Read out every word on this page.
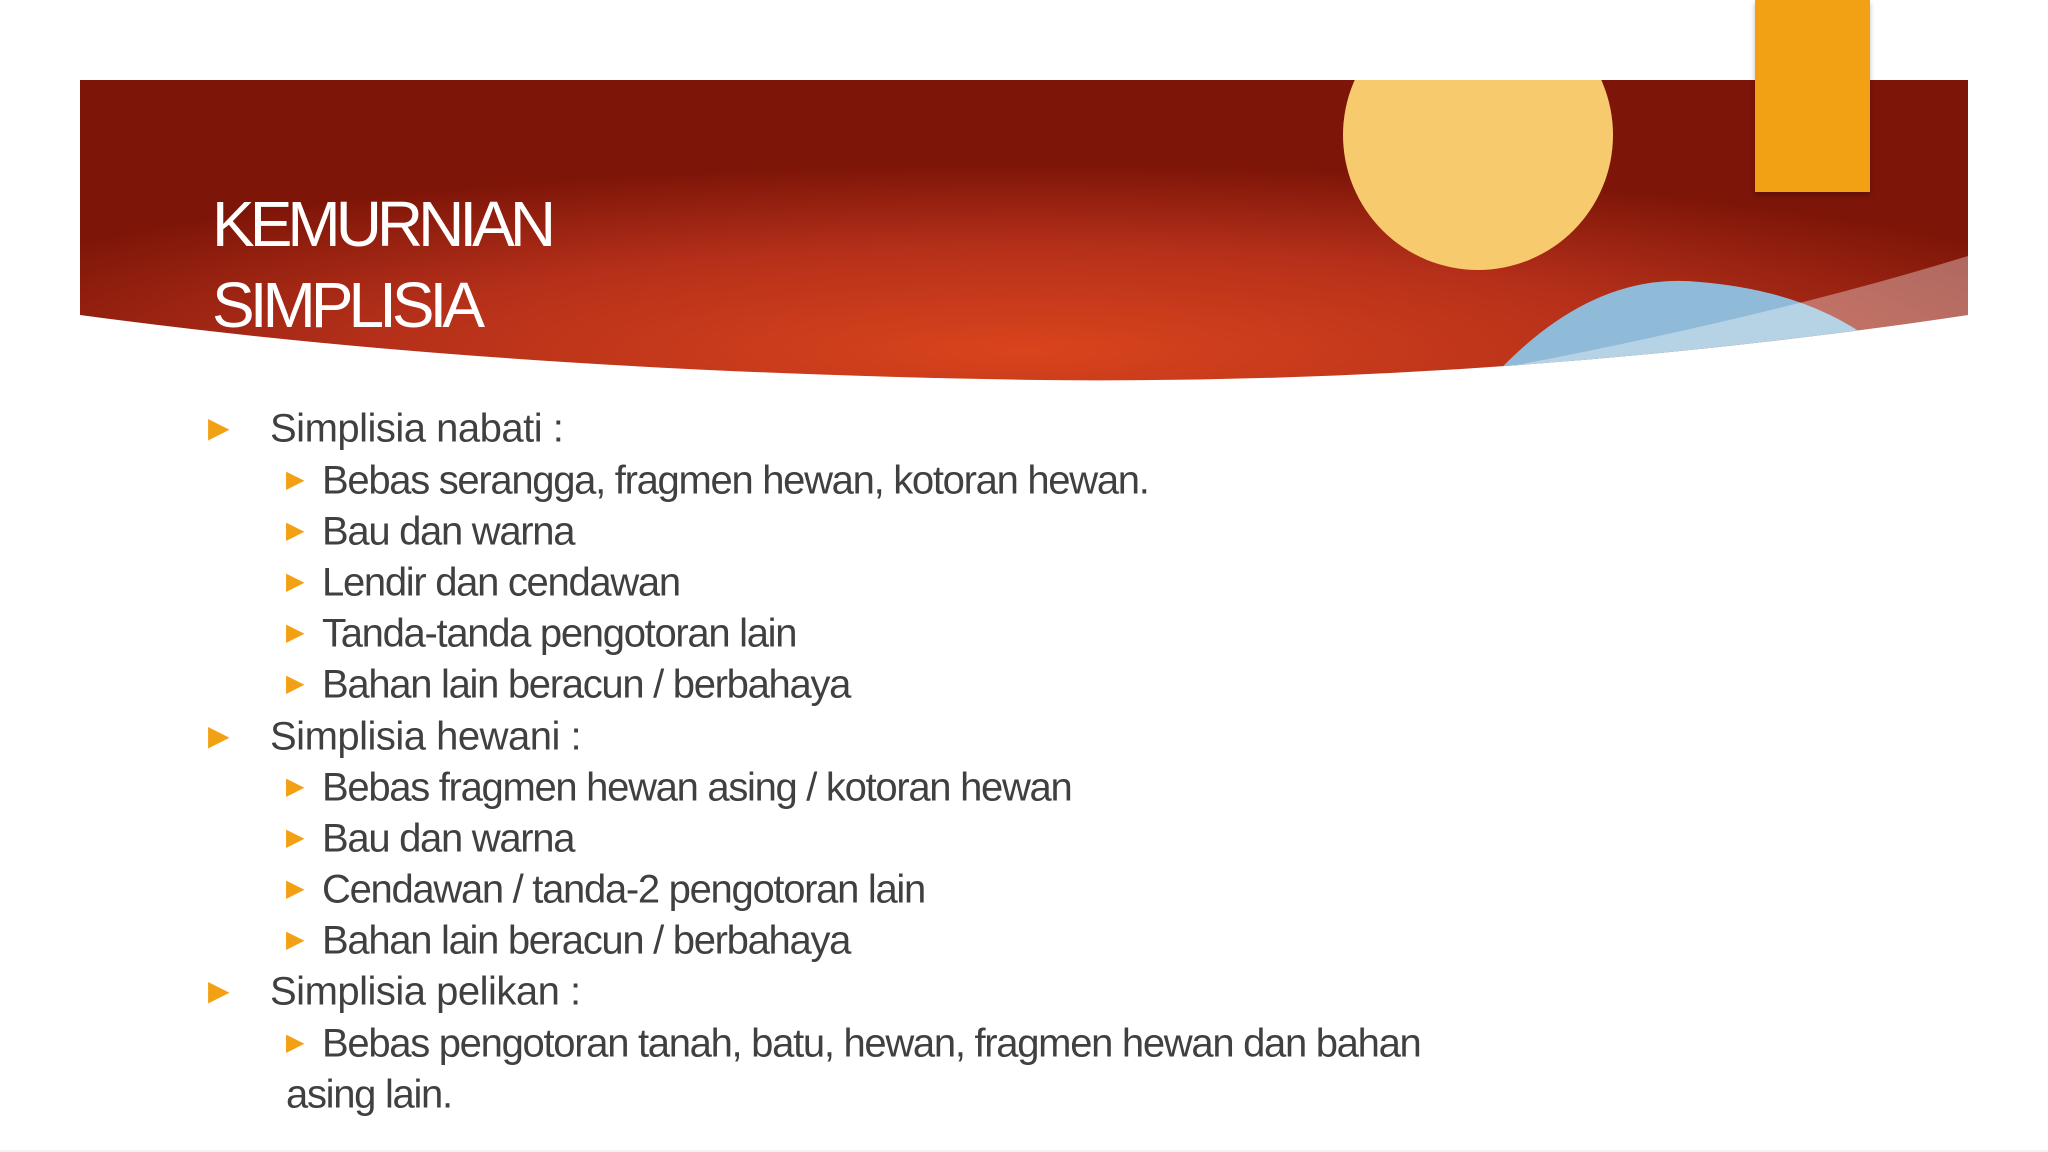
KEMURNIAN
SIMPLISIA
▶ Simplisia nabati :
▶ Bebas serangga, fragmen hewan, kotoran hewan.
▶ Bau dan warna
▶ Lendir dan cendawan
▶ Tanda-tanda pengotoran lain
▶ Bahan lain beracun / berbahaya
▶ Simplisia hewani :
▶ Bebas fragmen hewan asing / kotoran hewan
▶ Bau dan warna
▶ Cendawan / tanda-2 pengotoran lain
▶ Bahan lain beracun / berbahaya
▶ Simplisia pelikan :
▶ Bebas pengotoran tanah, batu, hewan, fragmen hewan dan bahan
asing lain.
